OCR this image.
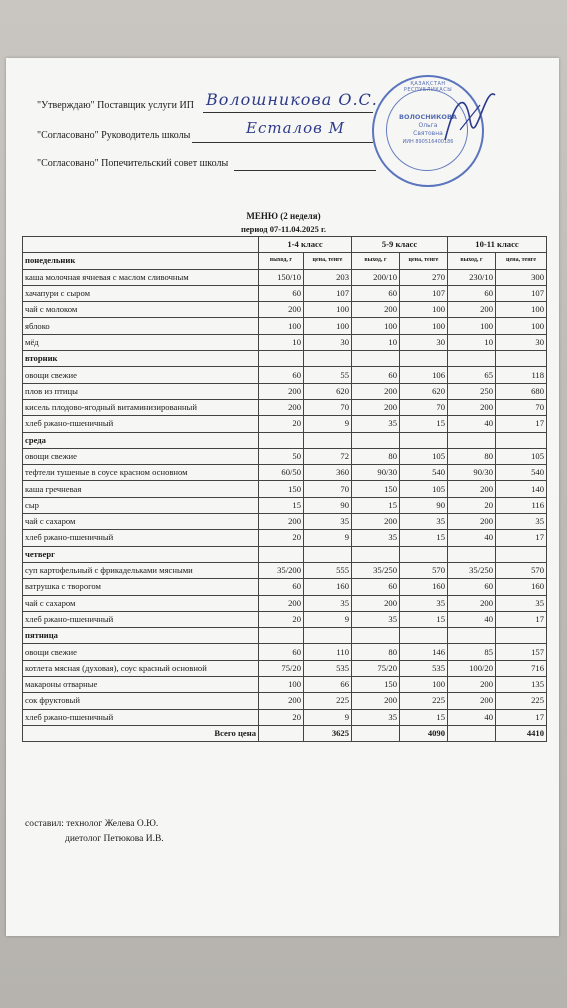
"Утверждаю" Поставщик услуги ИП Волошникова О.С.
"Согласовано" Руководитель школы	Есталов М
"Согласовано" Попечительский совет школы
ҚАЗАҚСТАН РЕСПУБЛИКАСЫ
ВОЛОСНИКОВА
Ольга
Святовна
ИИН 890516400186
МЕНЮ (2 неделя)
период 07-11.04.2025 г.
	1-4 класс		5-9 класс		10-11 класс	
понедельник	выход, г	цена, тенге	выход, г	цена, тенге	выход, г	цена, тенге
каша молочная ячневая с маслом сливочным	150/10	203	200/10	270	230/10	300
хачапури с сыром	60	107	60	107	60	107
чай с молоком	200	100	200	100	200	100
яблоко	100	100	100	100	100	100
мёд	10	30	10	30	10	30
вторник						
овощи свежие	60	55	60	106	65	118
плов из птицы	200	620	200	620	250	680
кисель плодово-ягодный витаминизированный	200	70	200	70	200	70
хлеб ржано-пшеничный	20	9	35	15	40	17
среда						
овощи свежие	50	72	80	105	80	105
тефтели тушеные в соусе красном основном	60/50	360	90/30	540	90/30	540
каша гречневая	150	70	150	105	200	140
сыр	15	90	15	90	20	116
чай с сахаром	200	35	200	35	200	35
хлеб ржано-пшеничный	20	9	35	15	40	17
четверг						
суп картофельный с фрикадельками мясными	35/200	555	35/250	570	35/250	570
ватрушка с творогом	60	160	60	160	60	160
чай с сахаром	200	35	200	35	200	35
хлеб ржано-пшеничный	20	9	35	15	40	17
пятница						
овощи свежие	60	110	80	146	85	157
котлета мясная (духовая), соус красный основной	75/20	535	75/20	535	100/20	716
макароны отварные	100	66	150	100	200	135
сок фруктовый	200	225	200	225	200	225
хлеб ржано-пшеничный	20	9	35	15	40	17
Всего цена		3625		4090		4410
составил: технолог Желева О.Ю.
диетолог Петюкова И.В.
